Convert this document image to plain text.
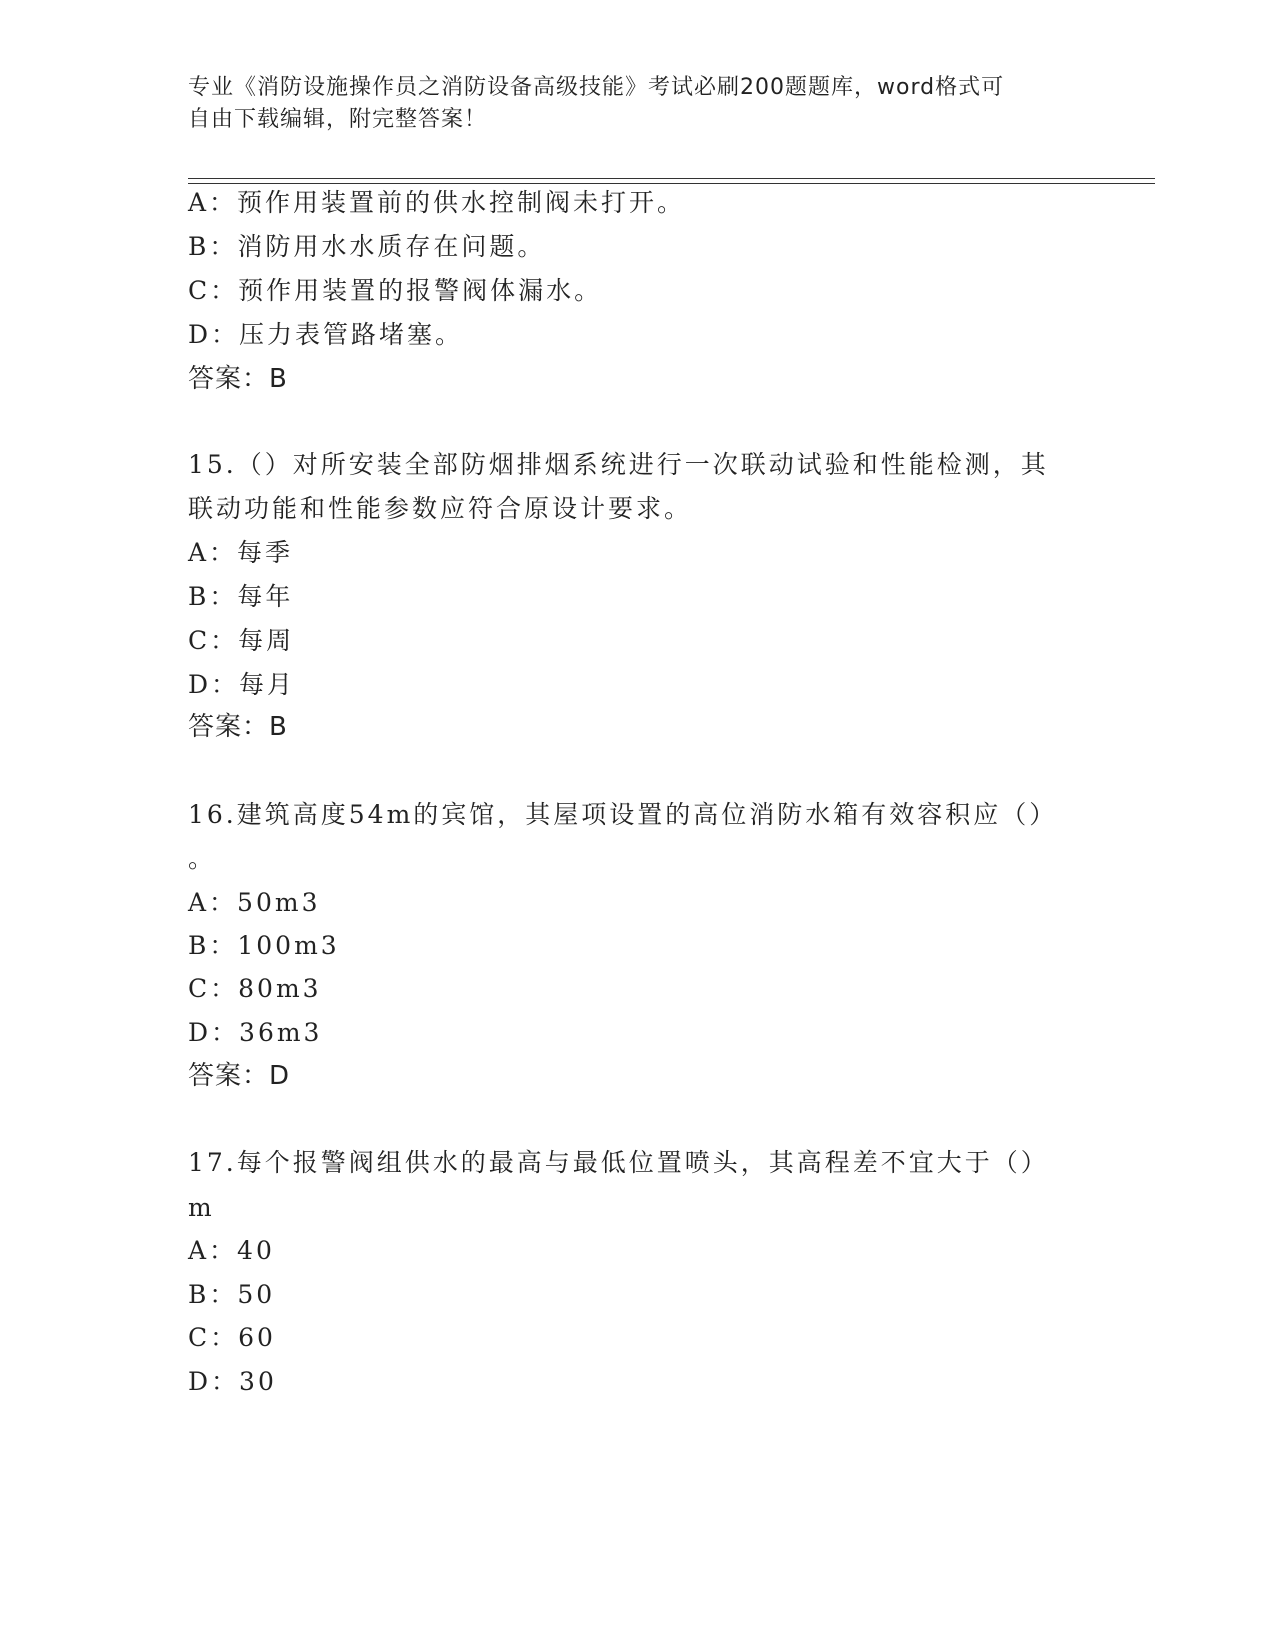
专业《消防设施操作员之消防设备高级技能》考试必刷200题题库，word格式可
自由下载编辑，附完整答案！
A：预作用装置前的供水控制阀未打开。
B：消防用水水质存在问题。
C：预作用装置的报警阀体漏水。
D：压力表管路堵塞。
答案：B
15.（）对所安装全部防烟排烟系统进行一次联动试验和性能检测，其
联动功能和性能参数应符合原设计要求。
A：每季
B：每年
C：每周
D：每月
答案：B
16.建筑高度54m的宾馆，其屋项设置的高位消防水箱有效容积应（）
。
A：50m3
B：100m3
C：80m3
D：36m3
答案：D
17.每个报警阀组供水的最高与最低位置喷头，其高程差不宜大于（）
m
A：40
B：50
C：60
D：30
